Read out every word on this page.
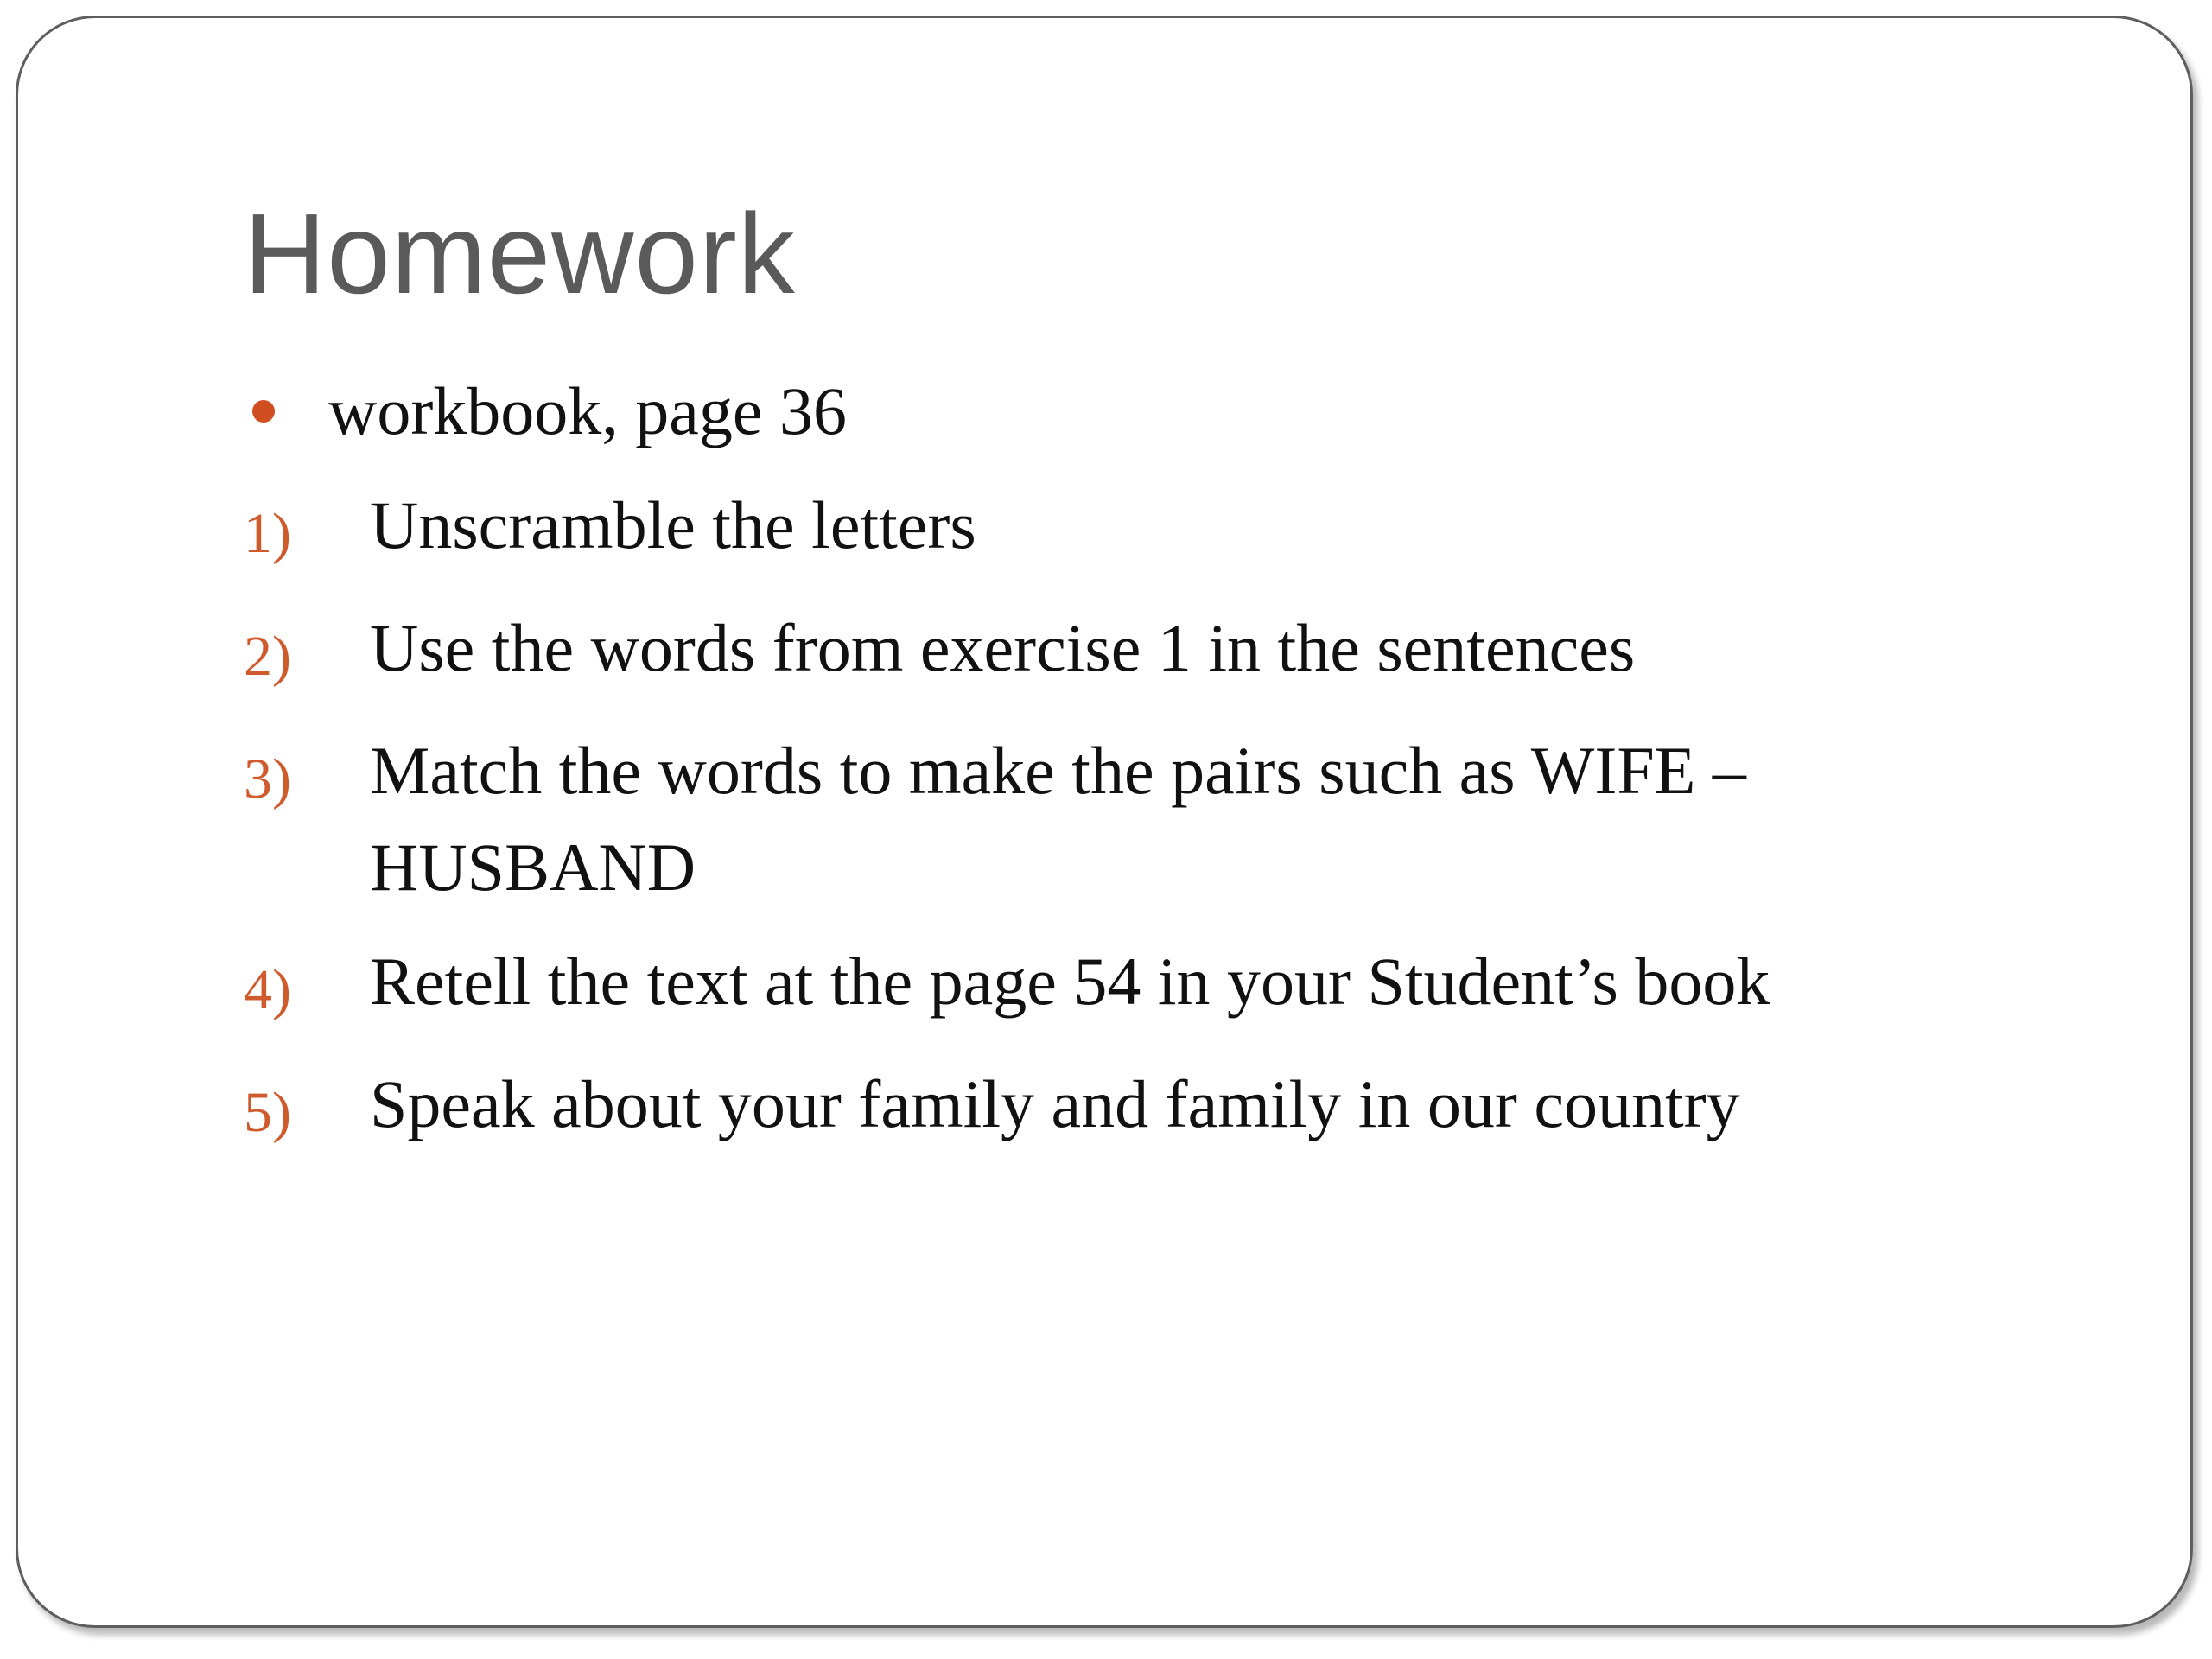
Homework
workbook, page 36
1)	Unscramble the letters
2)	Use the words from exercise 1 in the sentences
3)	Match the words to make the pairs such as WIFE – HUSBAND
4)	Retell the text at the page 54 in your Student’s book
5)	Speak about your family and family in our country
